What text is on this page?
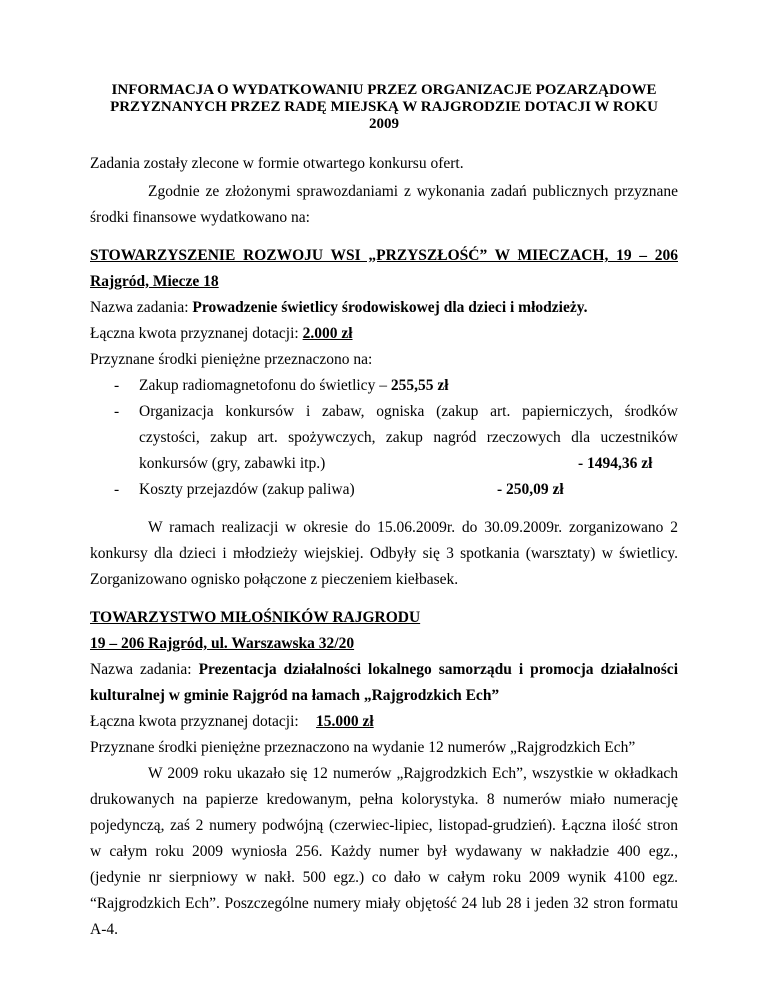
INFORMACJA O WYDATKOWANIU PRZEZ ORGANIZACJE POZARZĄDOWE
PRZYZNANYCH PRZEZ RADĘ MIEJSKĄ W RAJGRODZIE DOTACJI W ROKU
2009
Zadania zostały zlecone w formie otwartego konkursu ofert.
Zgodnie ze złożonymi sprawozdaniami z wykonania zadań publicznych przyznane
środki finansowe wydatkowano na:
STOWARZYSZENIE ROZWOJU WSI „PRZYSZŁOŚĆ” W MIECZACH, 19 – 206
Rajgród, Miecze 18
Nazwa zadania: Prowadzenie świetlicy środowiskowej dla dzieci i młodzieży.
Łączna kwota przyznanej dotacji: 2.000 zł
Przyznane środki pieniężne przeznaczono na:
- Zakup radiomagnetofonu do świetlicy – 255,55 zł
- Organizacja konkursów i zabaw, ogniska (zakup art. papierniczych, środków
czystości, zakup art. spożywczych, zakup nagród rzeczowych dla uczestników
konkursów (gry, zabawki itp.)	- 1494,36 zł
- Koszty przejazdów (zakup paliwa)	- 250,09 zł
W ramach realizacji w okresie do 15.06.2009r. do 30.09.2009r. zorganizowano 2
konkursy dla dzieci i młodzieży wiejskiej. Odbyły się 3 spotkania (warsztaty) w świetlicy.
Zorganizowano ognisko połączone z pieczeniem kiełbasek.
TOWARZYSTWO MIŁOŚNIKÓW RAJGRODU
19 – 206 Rajgród, ul. Warszawska 32/20
Nazwa zadania: Prezentacja działalności lokalnego samorządu i promocja działalności
kulturalnej w gminie Rajgród na łamach „Rajgrodzkich Ech”
Łączna kwota przyznanej dotacji: 15.000 zł
Przyznane środki pieniężne przeznaczono na wydanie 12 numerów „Rajgrodzkich Ech”
W 2009 roku ukazało się 12 numerów „Rajgrodzkich Ech”, wszystkie w okładkach
drukowanych na papierze kredowanym, pełna kolorystyka. 8 numerów miało numerację
pojedynczą, zaś 2 numery podwójną (czerwiec-lipiec, listopad-grudzień). Łączna ilość stron
w całym roku 2009 wyniosła 256. Każdy numer był wydawany w nakładzie 400 egz.,
(jedynie nr sierpniowy w nakł. 500 egz.) co dało w całym roku 2009 wynik 4100 egz.
“Rajgrodzkich Ech”. Poszczególne numery miały objętość 24 lub 28 i jeden 32 stron formatu
A-4.
